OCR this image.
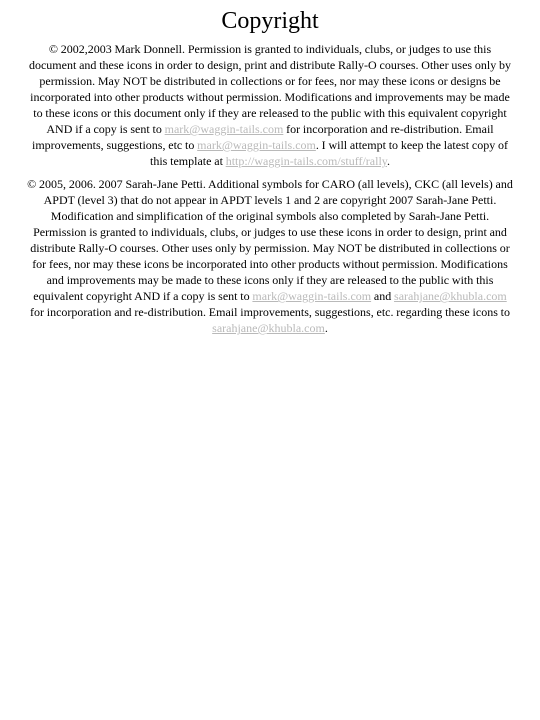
Copyright
© 2002,2003 Mark Donnell. Permission is granted to individuals, clubs, or judges to use this document and these icons in order to design, print and distribute Rally-O courses. Other uses only by permission. May NOT be distributed in collections or for fees, nor may these icons or designs be incorporated into other products without permission. Modifications and improvements may be made to these icons or this document only if they are released to the public with this equivalent copyright AND if a copy is sent to mark@waggin-tails.com for incorporation and re-distribution. Email improvements, suggestions, etc to mark@waggin-tails.com. I will attempt to keep the latest copy of this template at http://waggin-tails.com/stuff/rally.
© 2005, 2006. 2007 Sarah-Jane Petti. Additional symbols for CARO (all levels), CKC (all levels) and APDT (level 3) that do not appear in APDT levels 1 and 2 are copyright 2007 Sarah-Jane Petti. Modification and simplification of the original symbols also completed by Sarah-Jane Petti. Permission is granted to individuals, clubs, or judges to use these icons in order to design, print and distribute Rally-O courses. Other uses only by permission. May NOT be distributed in collections or for fees, nor may these icons be incorporated into other products without permission. Modifications and improvements may be made to these icons only if they are released to the public with this equivalent copyright AND if a copy is sent to mark@waggin-tails.com and sarahjane@khubla.com for incorporation and re-distribution. Email improvements, suggestions, etc. regarding these icons to sarahjane@khubla.com.
